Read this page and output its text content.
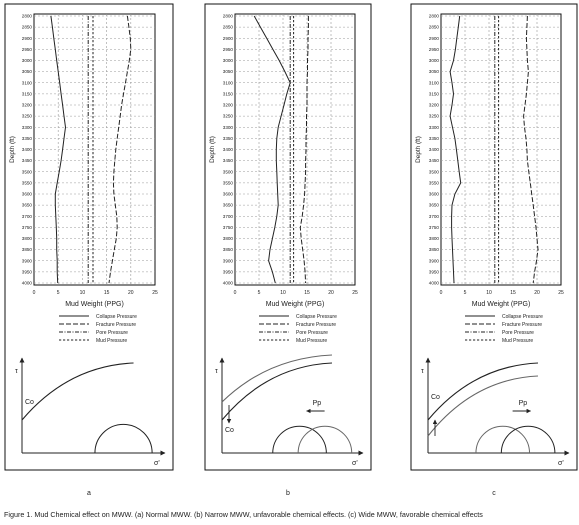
0	5	10	15	20	25
2800
2850
2900
2950
3000
3050
3100
3150
3200
3250
3300
3350
3400
3450
3500
3550
3600
3650
3700
3750
3800
3850
3900
3950
4000
Depth (ft)
Mud Weight (PPG)
Collapse Pressure
Fracture Pressure
Pore Pressure
Mud Pressure
τ
σ'
Co
a
0	5	10	15	20	25
2800
2850
2900
2950
3000
3050
3100
3150
3200
3250
3300
3350
3400
3450
3500
3550
3600
3650
3700
3750
3800
3850
3900
3950
4000
Depth (ft)
Mud Weight (PPG)
Collapse Pressure
Fracture Pressure
Pore Pressure
Mud Pressure
τ
σ'
Co
Pp
b
0	5	10	15	20	25
2800
2850
2900
2950
3000
3050
3100
3150
3200
3250
3300
3350
3400
3450
3500
3550
3600
3650
3700
3750
3800
3850
3900
3950
4000
Depth (ft)
Mud Weight (PPG)
Collapse Pressure
Fracture Pressure
Pore Pressure
Mud Pressure
τ
σ'
Co
Pp
c
Figure 1. Mud Chemical effect on MWW. (a) Normal MWW. (b) Narrow MWW, unfavorable chemical effects. (c) Wide MWW, favorable chemical effects
